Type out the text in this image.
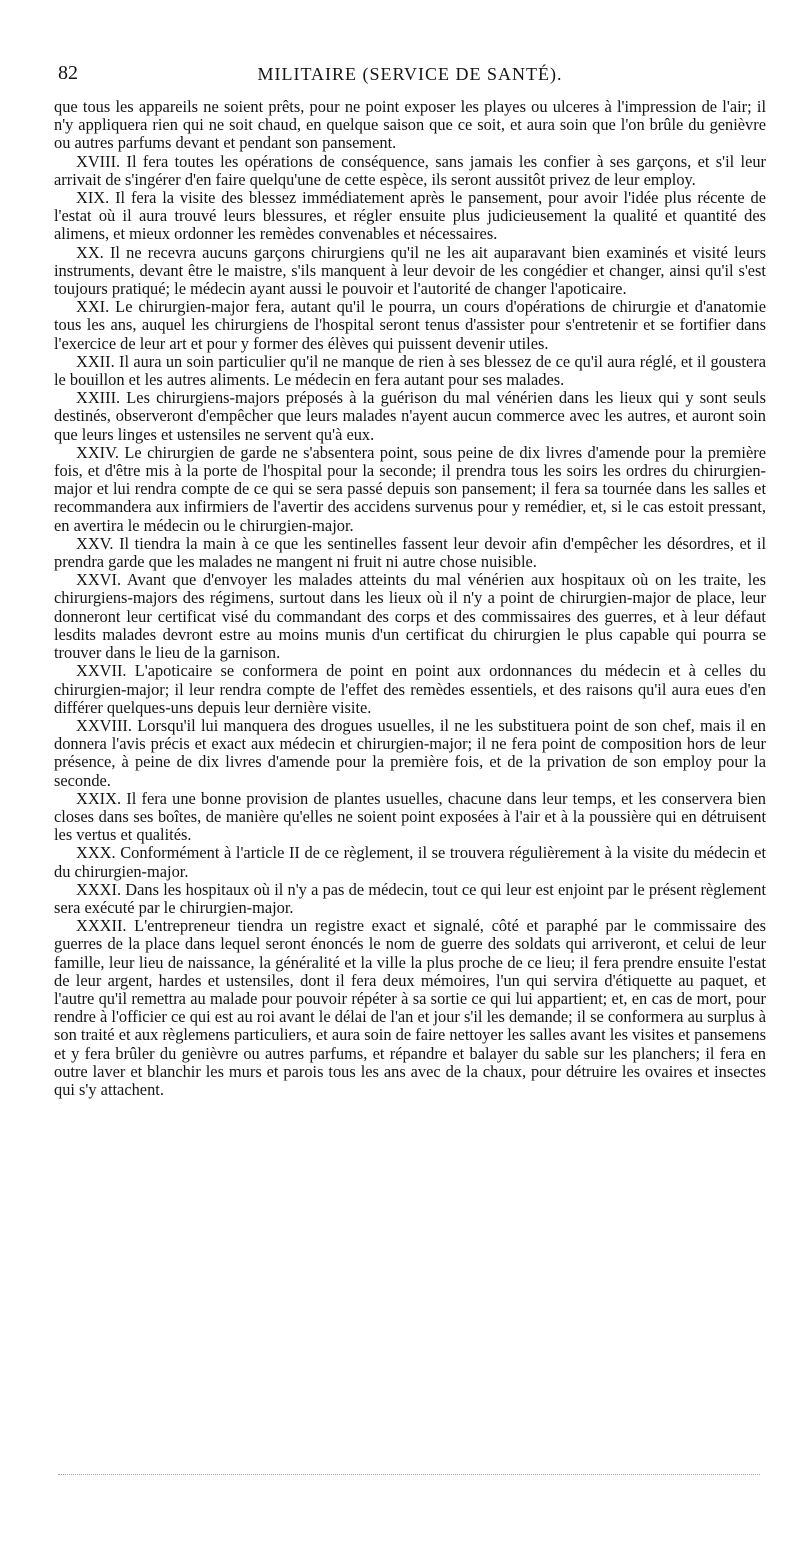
82	MILITAIRE (SERVICE DE SANTÉ).

que tous les appareils ne soient prêts, pour ne point exposer les playes ou ulceres à l'impression de l'air; il n'y appliquera rien qui ne soit chaud, en quelque saison que ce soit, et aura soin que l'on brûle du genièvre ou autres parfums devant et pendant son pansement.

XVIII. Il fera toutes les opérations de conséquence, sans jamais les confier à ses garçons, et s'il leur arrivait de s'ingérer d'en faire quelqu'une de cette espèce, ils seront aussitôt privez de leur employ.

XIX. Il fera la visite des blessez immédiatement après le pansement, pour avoir l'idée plus récente de l'estat où il aura trouvé leurs blessures, et régler ensuite plus judicieusement la qualité et quantité des alimens, et mieux ordonner les remèdes convenables et nécessaires.

XX. Il ne recevra aucuns garçons chirurgiens qu'il ne les ait auparavant bien examinés et visité leurs instruments, devant être le maistre, s'ils manquent à leur devoir de les congédier et changer, ainsi qu'il s'est toujours pratiqué; le médecin ayant aussi le pouvoir et l'autorité de changer l'apoticaire.

XXI. Le chirurgien-major fera, autant qu'il le pourra, un cours d'opérations de chirurgie et d'anatomie tous les ans, auquel les chirurgiens de l'hospital seront tenus d'assister pour s'entretenir et se fortifier dans l'exercice de leur art et pour y former des élèves qui puissent devenir utiles.

XXII. Il aura un soin particulier qu'il ne manque de rien à ses blessez de ce qu'il aura réglé, et il goustera le bouillon et les autres aliments. Le médecin en fera autant pour ses malades.

XXIII. Les chirurgiens-majors préposés à la guérison du mal vénérien dans les lieux qui y sont seuls destinés, observeront d'empêcher que leurs malades n'ayent aucun commerce avec les autres, et auront soin que leurs linges et ustensiles ne servent qu'à eux.

XXIV. Le chirurgien de garde ne s'absentera point, sous peine de dix livres d'amende pour la première fois, et d'être mis à la porte de l'hospital pour la seconde; il prendra tous les soirs les ordres du chirurgien-major et lui rendra compte de ce qui se sera passé depuis son pansement; il fera sa tournée dans les salles et recommandera aux infirmiers de l'avertir des accidens survenus pour y remédier, et, si le cas estoit pressant, en avertira le médecin ou le chirurgien-major.

XXV. Il tiendra la main à ce que les sentinelles fassent leur devoir afin d'empêcher les désordres, et il prendra garde que les malades ne mangent ni fruit ni autre chose nuisible.

XXVI. Avant que d'envoyer les malades atteints du mal vénérien aux hospitaux où on les traite, les chirurgiens-majors des régimens, surtout dans les lieux où il n'y a point de chirurgien-major de place, leur donneront leur certificat visé du commandant des corps et des commissaires des guerres, et à leur défaut lesdits malades devront estre au moins munis d'un certificat du chirurgien le plus capable qui pourra se trouver dans le lieu de la garnison.

XXVII. L'apoticaire se conformera de point en point aux ordonnances du médecin et à celles du chirurgien-major; il leur rendra compte de l'effet des remèdes essentiels, et des raisons qu'il aura eues d'en différer quelques-uns depuis leur dernière visite.

XXVIII. Lorsqu'il lui manquera des drogues usuelles, il ne les substituera point de son chef, mais il en donnera l'avis précis et exact aux médecin et chirurgien-major; il ne fera point de composition hors de leur présence, à peine de dix livres d'amende pour la première fois, et de la privation de son employ pour la seconde.

XXIX. Il fera une bonne provision de plantes usuelles, chacune dans leur temps, et les conservera bien closes dans ses boîtes, de manière qu'elles ne soient point exposées à l'air et à la poussière qui en détruisent les vertus et qualités.

XXX. Conformément à l'article II de ce règlement, il se trouvera régulièrement à la visite du médecin et du chirurgien-major.

XXXI. Dans les hospitaux où il n'y a pas de médecin, tout ce qui leur est enjoint par le présent règlement sera exécuté par le chirurgien-major.

XXXII. L'entrepreneur tiendra un registre exact et signalé, côté et paraphé par le commissaire des guerres de la place dans lequel seront énoncés le nom de guerre des soldats qui arriveront, et celui de leur famille, leur lieu de naissance, la généralité et la ville la plus proche de ce lieu; il fera prendre ensuite l'estat de leur argent, hardes et ustensiles, dont il fera deux mémoires, l'un qui servira d'étiquette au paquet, et l'autre qu'il remettra au malade pour pouvoir répéter à sa sortie ce qui lui appartient; et, en cas de mort, pour rendre à l'officier ce qui est au roi avant le délai de l'an et jour s'il les demande; il se conformera au surplus à son traité et aux règlemens particuliers, et aura soin de faire nettoyer les salles avant les visites et pansemens et y fera brûler du genièvre ou autres parfums, et répandre et balayer du sable sur les planchers; il fera en outre laver et blanchir les murs et parois tous les ans avec de la chaux, pour détruire les ovaires et insectes qui s'y attachent.
